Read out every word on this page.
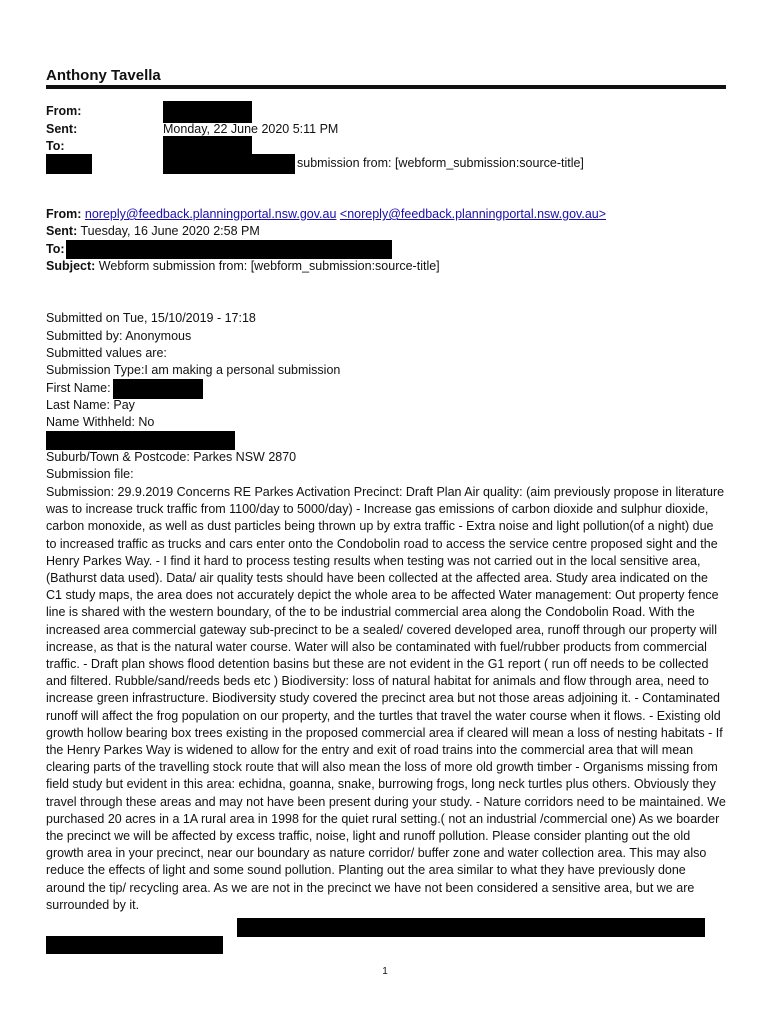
Anthony Tavella
From:
Sent:	Monday, 22 June 2020 5:11 PM
To:
submission from: [webform_submission:source-title]
From: noreply@feedback.planningportal.nsw.gov.au <noreply@feedback.planningportal.nsw.gov.au>
Sent: Tuesday, 16 June 2020 2:58 PM
To:
Subject: Webform submission from: [webform_submission:source-title]
Submitted on Tue, 15/10/2019 - 17:18
Submitted by: Anonymous
Submitted values are:
Submission Type:I am making a personal submission
First Name:
Last Name: Pay
Name Withheld: No
Suburb/Town & Postcode: Parkes NSW 2870
Submission file:
Submission: 29.9.2019 Concerns RE Parkes Activation Precinct: Draft Plan Air quality: (aim previously propose in literature was to increase truck traffic from 1100/day to 5000/day) - Increase gas emissions of carbon dioxide and sulphur dioxide, carbon monoxide, as well as dust particles being thrown up by extra traffic - Extra noise and light pollution(of a night) due to increased traffic as trucks and cars enter onto the Condobolin road to access the service centre proposed sight and the Henry Parkes Way. - I find it hard to process testing results when testing was not carried out in the local sensitive area, (Bathurst data used). Data/ air quality tests should have been collected at the affected area. Study area indicated on the C1 study maps, the area does not accurately depict the whole area to be affected Water management: Out property fence line is shared with the western boundary, of the to be industrial commercial area along the Condobolin Road. With the increased area commercial gateway sub-precinct to be a sealed/ covered developed area, runoff through our property will increase, as that is the natural water course. Water will also be contaminated with fuel/rubber products from commercial traffic. - Draft plan shows flood detention basins but these are not evident in the G1 report ( run off needs to be collected and filtered. Rubble/sand/reeds beds etc ) Biodiversity: loss of natural habitat for animals and flow through area, need to increase green infrastructure. Biodiversity study covered the precinct area but not those areas adjoining it. - Contaminated runoff will affect the frog population on our property, and the turtles that travel the water course when it flows. - Existing old growth hollow bearing box trees existing in the proposed commercial area if cleared will mean a loss of nesting habitats - If the Henry Parkes Way is widened to allow for the entry and exit of road trains into the commercial area that will mean clearing parts of the travelling stock route that will also mean the loss of more old growth timber - Organisms missing from field study but evident in this area: echidna, goanna, snake, burrowing frogs, long neck turtles plus others. Obviously they travel through these areas and may not have been present during your study. - Nature corridors need to be maintained. We purchased 20 acres in a 1A rural area in 1998 for the quiet rural setting.( not an industrial /commercial one) As we boarder the precinct we will be affected by excess traffic, noise, light and runoff pollution. Please consider planting out the old growth area in your precinct, near our boundary as nature corridor/ buffer zone and water collection area. This may also reduce the effects of light and some sound pollution. Planting out the area similar to what they have previously done around the tip/ recycling area. As we are not in the precinct we have not been considered a sensitive area, but we are surrounded by it.
1
